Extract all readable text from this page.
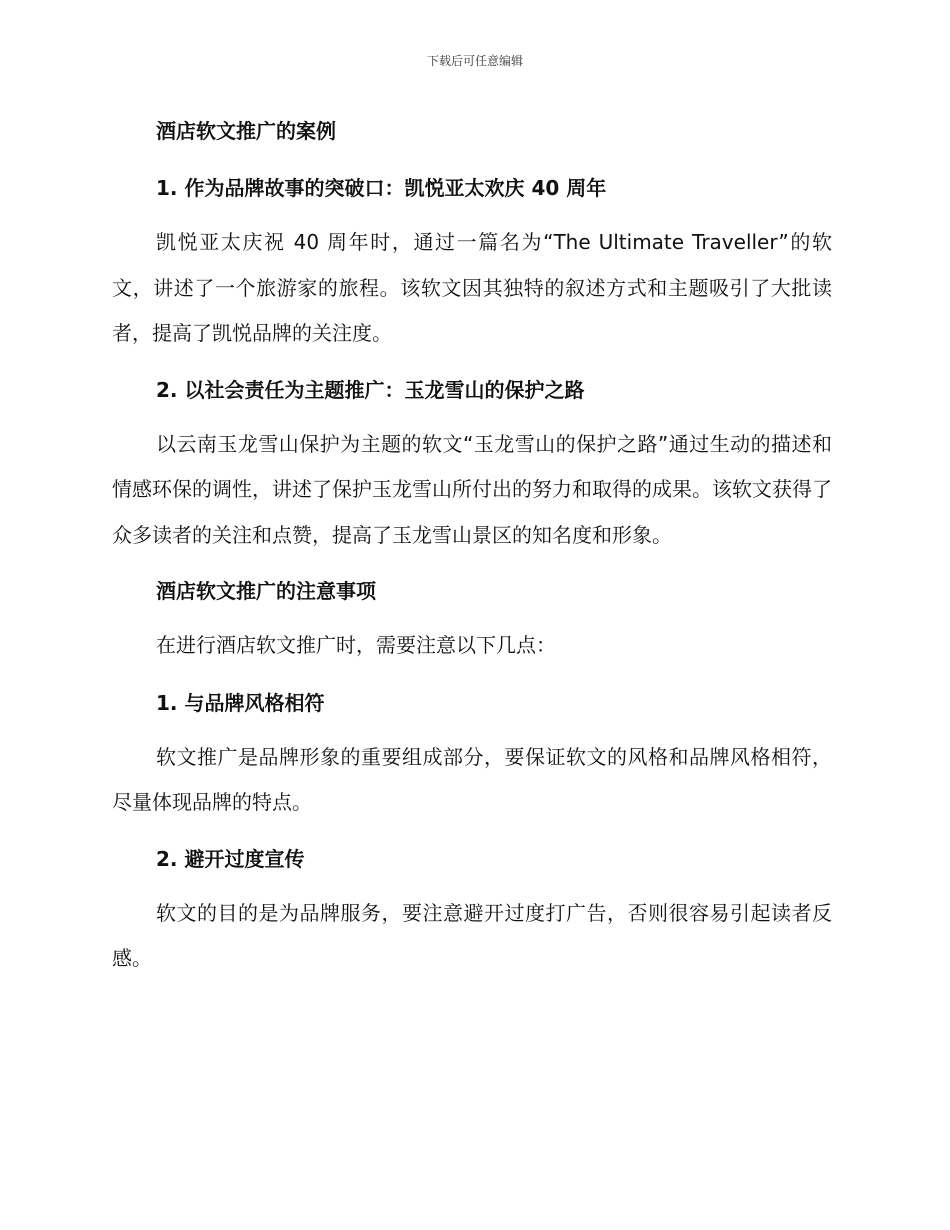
下载后可任意编辑
酒店软文推广的案例
1. 作为品牌故事的突破口：凯悦亚太欢庆 40 周年

凯悦亚太庆祝 40 周年时，通过一篇名为“The Ultimate Traveller”的软文，讲述了一个旅游家的旅程。该软文因其独特的叙述方式和主题吸引了大批读者，提高了凯悦品牌的关注度。

2. 以社会责任为主题推广：玉龙雪山的保护之路

以云南玉龙雪山保护为主题的软文“玉龙雪山的保护之路”通过生动的描述和情感环保的调性，讲述了保护玉龙雪山所付出的努力和取得的成果。该软文获得了众多读者的关注和点赞，提高了玉龙雪山景区的知名度和形象。

酒店软文推广的注意事项

在进行酒店软文推广时，需要注意以下几点：

1. 与品牌风格相符

软文推广是品牌形象的重要组成部分，要保证软文的风格和品牌风格相符，尽量体现品牌的特点。

2. 避开过度宣传

软文的目的是为品牌服务，要注意避开过度打广告，否则很容易引起读者反感。
